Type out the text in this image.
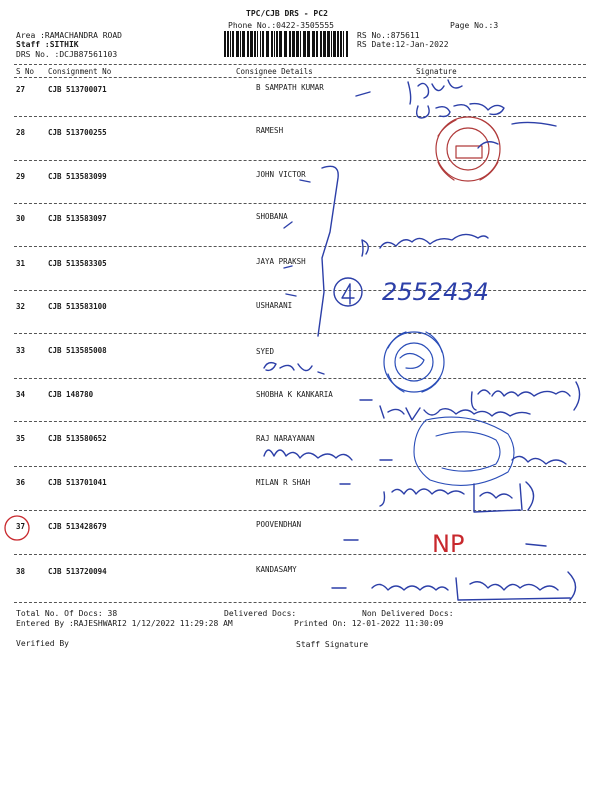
TPC/CJB DRS - PC2
Phone No.:0422-3505555	Page No.:3
Area :RAMACHANDRA ROAD
Staff :SITHIK
DRS No. :DCJB87561103
RS No.:875611
RS Date:12-Jan-2022
S No Consignment No	Consignee Details	Signature
27	CJB 513700071	B SAMPATH KUMAR
28	CJB 513700255	RAMESH
29	CJB 513583099	JOHN VICTOR
30	CJB 513583097	SHOBANA
31	CJB 513583305	JAYA PRAKSH
32	CJB 513583100	USHARANI
33	CJB 513585008	SYED
34	CJB 148780	SHOBHA K KANKARIA
35	CJB 513580652	RAJ NARAYANAN
36	CJB 513701041	MILAN R SHAH
37	CJB 513428679	POOVENDHAN
38	CJB 513720094	KANDASAMY
Total No. Of Docs: 38	Delivered Docs:	Non Delivered Docs:
Entered By :RAJESHWARI2 1/12/2022 11:29:28 AM	Printed On: 12-01-2022 11:30:09
Verified By	Staff Signature
2552434
NP
